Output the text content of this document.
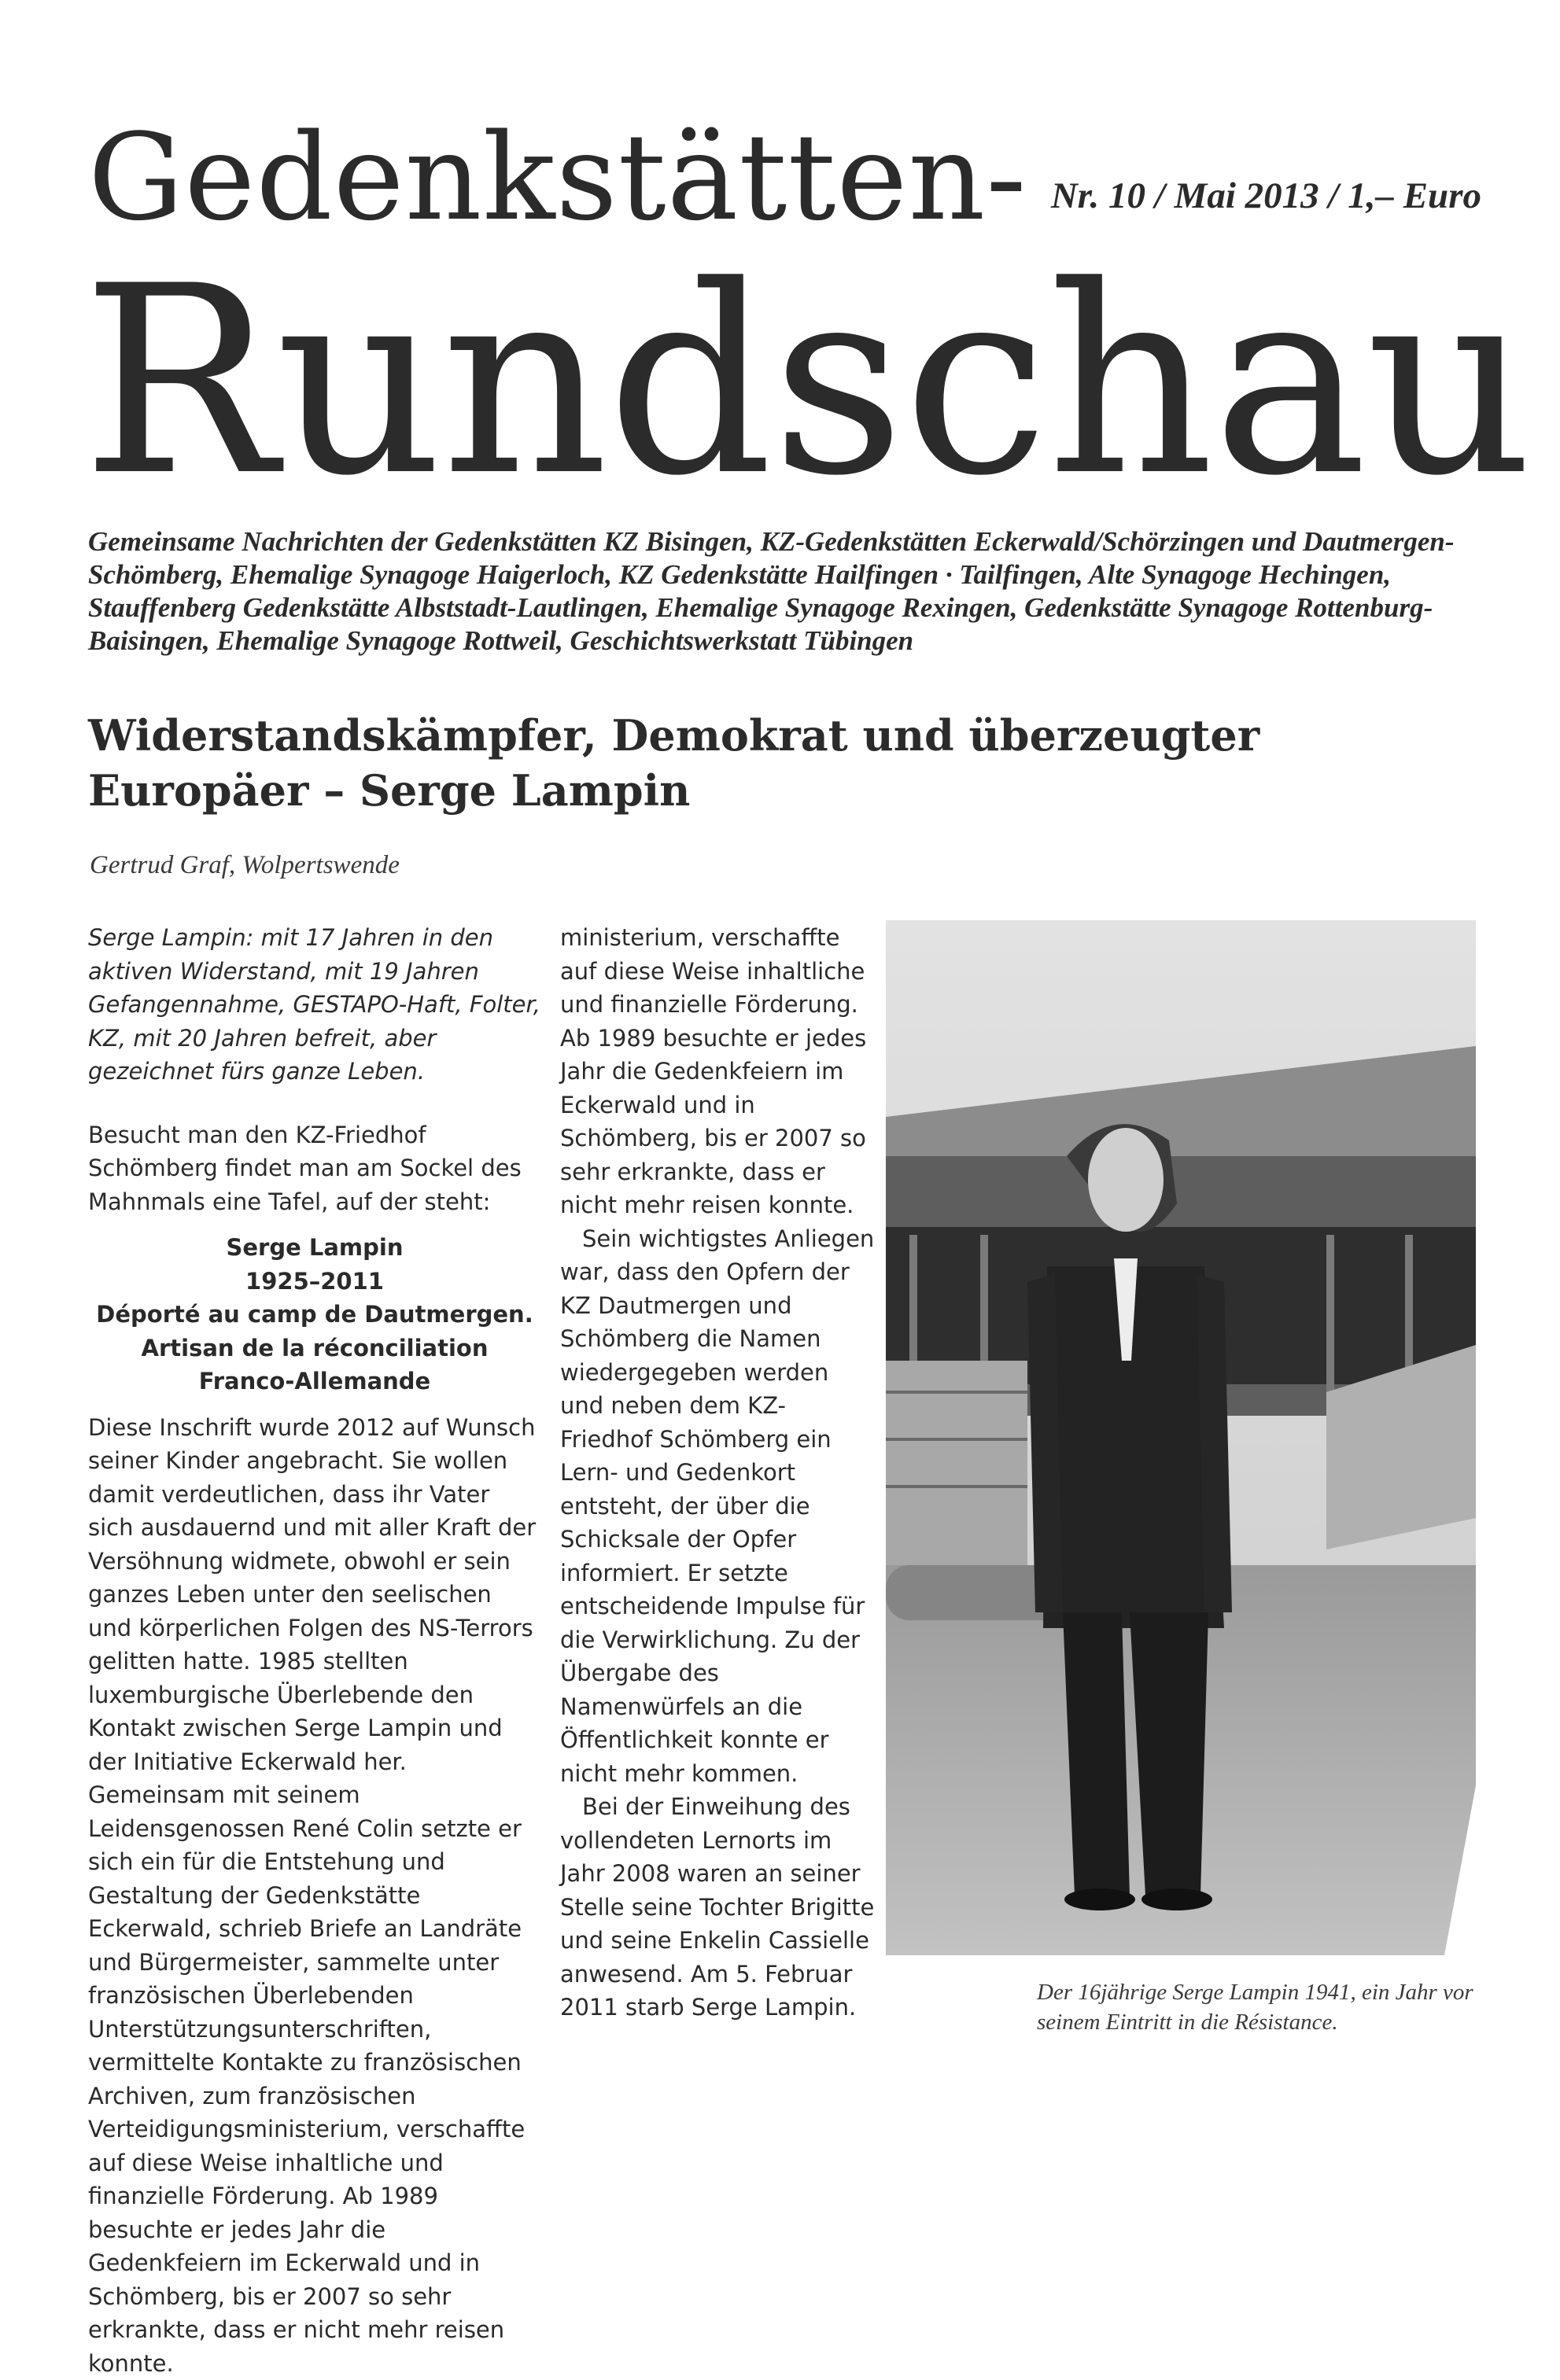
Gedenkstätten- Nr. 10 / Mai 2013 / 1,– Euro
Rundschau

Gemeinsame Nachrichten der Gedenkstätten KZ Bisingen, KZ-Gedenkstätten Eckerwald/Schörzingen und Dautmergen-Schömberg, Ehemalige Synagoge Haigerloch, KZ Gedenkstätte Hailfingen · Tailfingen, Alte Synagoge Hechingen, Stauffenberg Gedenkstätte Albststadt-Lautlingen, Ehemalige Synagoge Rexingen, Gedenkstätte Synagoge Rottenburg-Baisingen, Ehemalige Synagoge Rottweil, Geschichtswerkstatt Tübingen

Widerstandskämpfer, Demokrat und überzeugter Europäer – Serge Lampin

Gertrud Graf, Wolpertswende

Serge Lampin: mit 17 Jahren in den aktiven Widerstand, mit 19 Jahren Gefangennahme, GESTAPO-Haft, Folter, KZ, mit 20 Jahren befreit, aber gezeichnet fürs ganze Leben.

Besucht man den KZ-Friedhof Schömberg findet man am Sockel des Mahnmals eine Tafel, auf der steht:

Serge Lampin

1925–2011

Déporté au camp de Dautmergen.

Artisan de la réconciliation

Franco-Allemande

Diese Inschrift wurde 2012 auf Wunsch seiner Kinder angebracht. Sie wollen damit verdeutlichen, dass ihr Vater sich ausdauernd und mit aller Kraft der Versöhnung widmete, obwohl er sein ganzes Leben unter den seelischen und körperlichen Folgen des NS-Terrors gelitten hatte. 1985 stellten luxemburgische Überlebende den Kontakt zwischen Serge Lampin und der Initiative Eckerwald her. Gemeinsam mit seinem Leidensgenossen René Colin setzte er sich ein für die Entstehung und Gestaltung der Gedenkstätte Eckerwald, schrieb Briefe an Landräte und Bürgermeister, sammelte unter französischen Überlebenden Unterstützungsunterschriften, vermittelte Kontakte zu französischen Archiven, zum französischen Verteidigungsministerium, verschaffte auf diese Weise inhaltliche und finanzielle Förderung. Ab 1989 besuchte er jedes Jahr die Gedenkfeiern im Eckerwald und in Schömberg, bis er 2007 so sehr erkrankte, dass er nicht mehr reisen konnte.

ministerium, verschaffte auf diese Weise inhaltliche und finanzielle Förderung. Ab 1989 besuchte er jedes Jahr die Gedenkfeiern im Eckerwald und in Schömberg, bis er 2007 so sehr erkrankte, dass er nicht mehr reisen konnte.

Sein wichtigstes Anliegen war, dass den Opfern der KZ Dautmergen und Schömberg die Namen wiedergegeben werden und neben dem KZ-Friedhof Schömberg ein Lern- und Gedenkort entsteht, der über die Schicksale der Opfer informiert. Er setzte entscheidende Impulse für die Verwirklichung. Zu der Übergabe des Namenwürfels an die Öffentlichkeit konnte er nicht mehr kommen.

Bei der Einweihung des vollendeten Lernorts im Jahr 2008 waren an seiner Stelle seine Tochter Brigitte und seine Enkelin Cassielle anwesend. Am 5. Februar 2011 starb Serge Lampin.

Der 16jährige Serge Lampin 1941, ein Jahr vor seinem Eintritt in die Résistance.
